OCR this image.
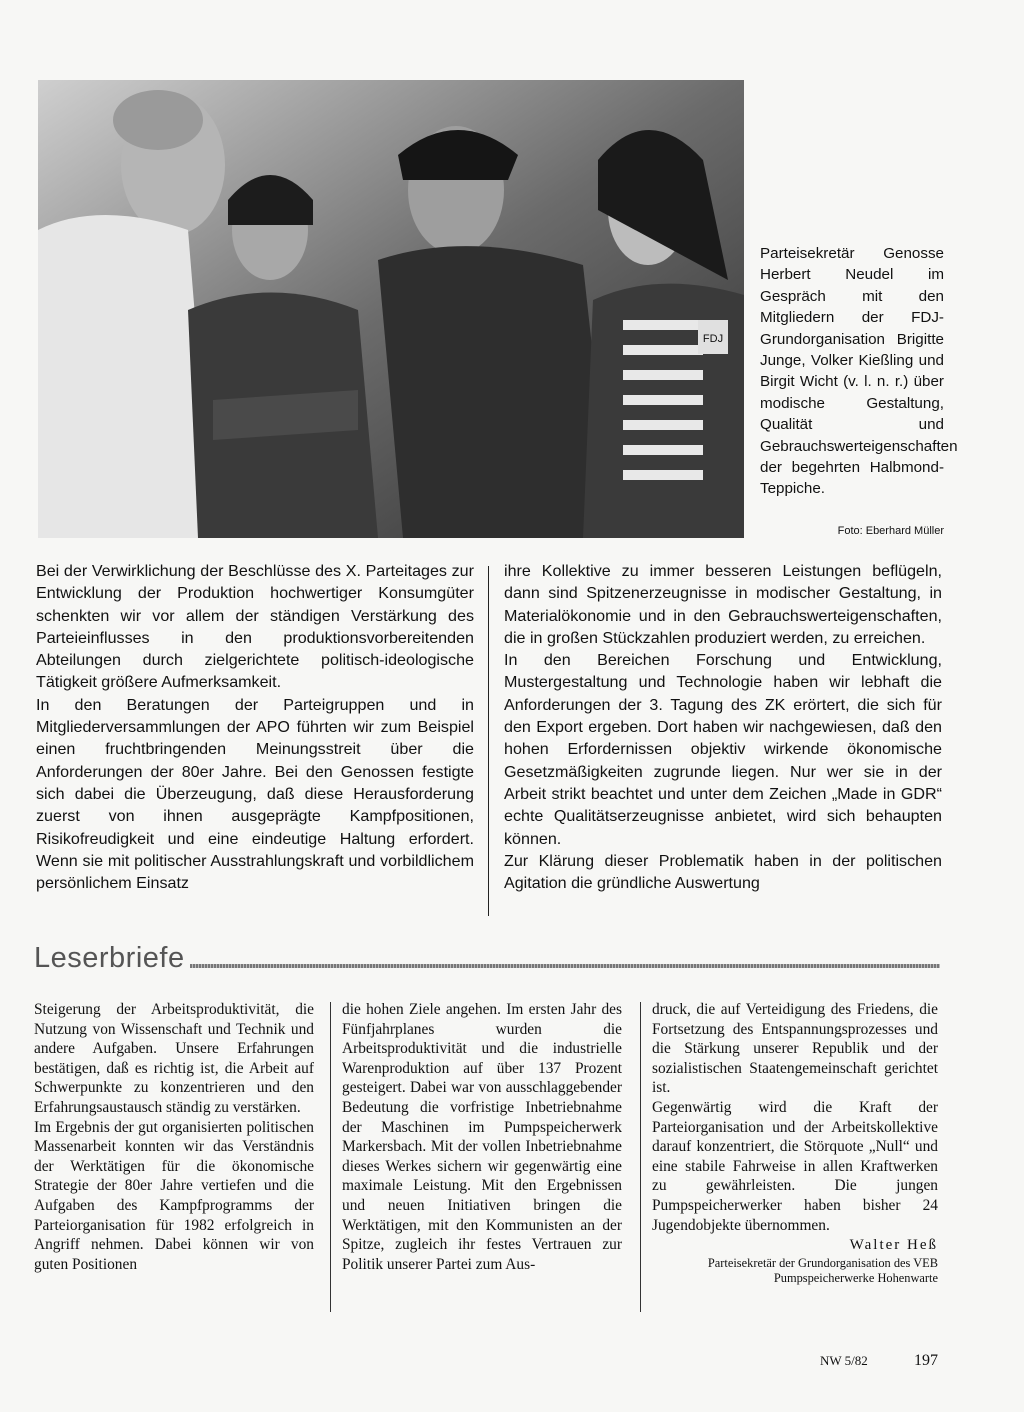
FDJ
Parteisekretär Genosse Herbert Neudel im Gespräch mit den Mitgliedern der FDJ-Grundorganisation Brigitte Junge, Volker Kießling und Birgit Wicht (v. l. n. r.) über modische Gestaltung, Qualität und Gebrauchswerteigenschaften der begehrten Halbmond-Teppiche.
Foto: Eberhard Müller

Bei der Verwirklichung der Beschlüsse des X. Parteitages zur Entwicklung der Produktion hochwertiger Konsumgüter schenkten wir vor allem der ständigen Verstärkung des Parteieinflusses in den produktionsvorbereitenden Abteilungen durch zielgerichtete politisch-ideologische Tätigkeit größere Aufmerksamkeit.

In den Beratungen der Parteigruppen und in Mitgliederversammlungen der APO führten wir zum Beispiel einen fruchtbringenden Meinungsstreit über die Anforderungen der 80er Jahre. Bei den Genossen festigte sich dabei die Überzeugung, daß diese Herausforderung zuerst von ihnen ausgeprägte Kampfpositionen, Risikofreudigkeit und eine eindeutige Haltung erfordert. Wenn sie mit politischer Ausstrahlungskraft und vorbildlichem persönlichem Einsatz

ihre Kollektive zu immer besseren Leistungen beflügeln, dann sind Spitzenerzeugnisse in modischer Gestaltung, in Materialökonomie und in den Gebrauchswerteigenschaften, die in großen Stückzahlen produziert werden, zu erreichen.

In den Bereichen Forschung und Entwicklung, Mustergestaltung und Technologie haben wir lebhaft die Anforderungen der 3. Tagung des ZK erörtert, die sich für den Export ergeben. Dort haben wir nachgewiesen, daß den hohen Erfordernissen objektiv wirkende ökonomische Gesetzmäßigkeiten zugrunde liegen. Nur wer sie in der Arbeit strikt beachtet und unter dem Zeichen „Made in GDR“ echte Qualitätserzeugnisse anbietet, wird sich behaupten können.

Zur Klärung dieser Problematik haben in der politischen Agitation die gründliche Auswertung

Leserbriefe

Steigerung der Arbeitsproduktivität, die Nutzung von Wissenschaft und Technik und andere Aufgaben. Unsere Erfahrungen bestätigen, daß es richtig ist, die Arbeit auf Schwerpunkte zu konzentrieren und den Erfahrungsaustausch ständig zu verstärken.

Im Ergebnis der gut organisierten politischen Massenarbeit konnten wir das Verständnis der Werktätigen für die ökonomische Strategie der 80er Jahre vertiefen und die Aufgaben des Kampfprogramms der Parteiorganisation für 1982 erfolgreich in Angriff nehmen. Dabei können wir von guten Positionen

die hohen Ziele angehen. Im ersten Jahr des Fünfjahrplanes wurden die Arbeitsproduktivität und die industrielle Warenproduktion auf über 137 Prozent gesteigert. Dabei war von ausschlaggebender Bedeutung die vorfristige Inbetriebnahme der Maschinen im Pumpspeicherwerk Markersbach. Mit der vollen Inbetriebnahme dieses Werkes sichern wir gegenwärtig eine maximale Leistung. Mit den Ergebnissen und neuen Initiativen bringen die Werktätigen, mit den Kommunisten an der Spitze, zugleich ihr festes Vertrauen zur Politik unserer Partei zum Aus-

druck, die auf Verteidigung des Friedens, die Fortsetzung des Entspannungsprozesses und die Stärkung unserer Republik und der sozialistischen Staatengemeinschaft gerichtet ist.

Gegenwärtig wird die Kraft der Parteiorganisation und der Arbeitskollektive darauf konzentriert, die Störquote „Null“ und eine stabile Fahrweise in allen Kraftwerken zu gewährleisten. Die jungen Pumpspeicherwerker haben bisher 24 Jugendobjekte übernommen.

Walter Heß
Parteisekretär der Grundorganisation des VEB Pumpspeicherwerke Hohenwarte
NW 5/82	197
